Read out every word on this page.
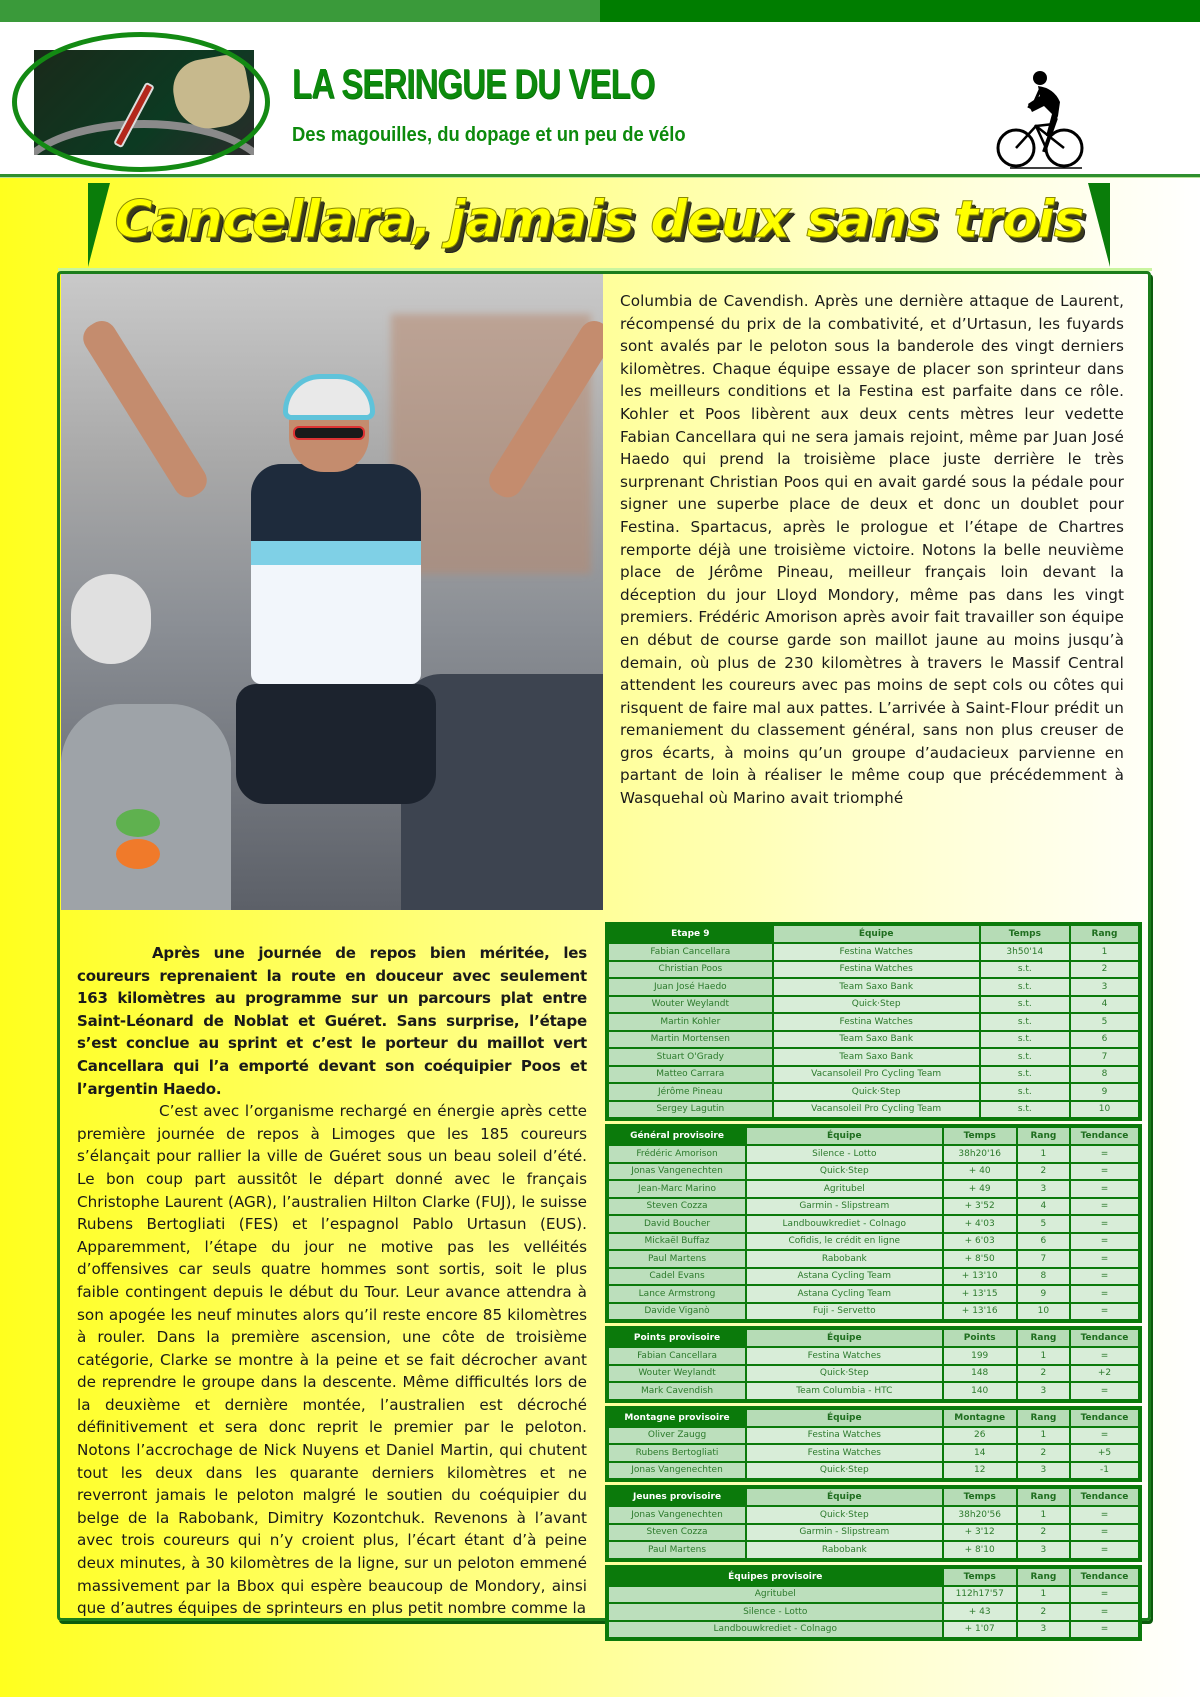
LA SERINGUE DU VELO
Des magouilles, du dopage et un peu de vélo
Cancellara, jamais deux sans trois
Columbia de Cavendish. Après une dernière attaque de Laurent, récompensé du prix de la combativité, et d’Urtasun, les fuyards sont avalés par le peloton sous la banderole des vingt derniers kilomètres. Chaque équipe essaye de placer son sprinteur dans les meilleurs conditions et la Festina est parfaite dans ce rôle. Kohler et Poos libèrent aux deux cents mètres leur vedette Fabian Cancellara qui ne sera jamais rejoint, même par Juan José Haedo qui prend la troisième place juste derrière le très surprenant Christian Poos qui en avait gardé sous la pédale pour signer une superbe place de deux et donc un doublet pour Festina. Spartacus, après le prologue et l’étape de Chartres remporte déjà une troisième victoire. Notons la belle neuvième place de Jérôme Pineau, meilleur français loin devant la déception du jour Lloyd Mondory, même pas dans les vingt premiers. Frédéric Amorison après avoir fait travailler son équipe en début de course garde son maillot jaune au moins jusqu’à demain, où plus de 230 kilomètres à travers le Massif Central attendent les coureurs avec pas moins de sept cols ou côtes qui risquent de faire mal aux pattes. L’arrivée à Saint-Flour prédit un remaniement du classement général, sans non plus creuser de gros écarts, à moins qu’un groupe d’audacieux parvienne en partant de loin à réaliser le même coup que précédemment à Wasquehal où Marino avait triomphé

Après une journée de repos bien méritée, les coureurs reprenaient la route en douceur avec seulement 163 kilomètres au programme sur un parcours plat entre Saint-Léonard de Noblat et Guéret. Sans surprise, l’étape s’est conclue au sprint et c’est le porteur du maillot vert Cancellara qui l’a emporté devant son coéquipier Poos et l’argentin Haedo.

C’est avec l’organisme rechargé en énergie après cette première journée de repos à Limoges que les 185 coureurs s’élançait pour rallier la ville de Guéret sous un beau soleil d’été. Le bon coup part aussitôt le départ donné avec le français Christophe Laurent (AGR), l’australien Hilton Clarke (FUJ), le suisse Rubens Bertogliati (FES) et l’espagnol Pablo Urtasun (EUS). Apparemment, l’étape du jour ne motive pas les velléités d’offensives car seuls quatre hommes sont sortis, soit le plus faible contingent depuis le début du Tour. Leur avance attendra à son apogée les neuf minutes alors qu’il reste encore 85 kilomètres à rouler. Dans la première ascension, une côte de troisième catégorie, Clarke se montre à la peine et se fait décrocher avant de reprendre le groupe dans la descente. Même difficultés lors de la deuxième et dernière montée, l’australien est décroché définitivement et sera donc reprit le premier par le peloton. Notons l’accrochage de Nick Nuyens et Daniel Martin, qui chutent tout les deux dans les quarante derniers kilomètres et ne reverront jamais le peloton malgré le soutien du coéquipier du belge de la Rabobank, Dimitry Kozontchuk. Revenons à l’avant avec trois coureurs qui n’y croient plus, l’écart étant d’à peine deux minutes, à 30 kilomètres de la ligne, sur un peloton emmené massivement par la Bbox qui espère beaucoup de Mondory, ainsi que d’autres équipes de sprinteurs en plus petit nombre comme la

Etape 9	Équipe	Temps	Rang
Fabian Cancellara	Festina Watches	3h50'14	1
Christian Poos	Festina Watches	s.t.	2
Juan José Haedo	Team Saxo Bank	s.t.	3
Wouter Weylandt	Quick·Step	s.t.	4
Martin Kohler	Festina Watches	s.t.	5
Martin Mortensen	Team Saxo Bank	s.t.	6
Stuart O'Grady	Team Saxo Bank	s.t.	7
Matteo Carrara	Vacansoleil Pro Cycling Team	s.t.	8
Jérôme Pineau	Quick·Step	s.t.	9
Sergey Lagutin	Vacansoleil Pro Cycling Team	s.t.	10
Général provisoire	Équipe	Temps	Rang	Tendance
Frédéric Amorison	Silence - Lotto	38h20'16	1	=
Jonas Vangenechten	Quick·Step	+ 40	2	=
Jean-Marc Marino	Agritubel	+ 49	3	=
Steven Cozza	Garmin - Slipstream	+ 3'52	4	=
David Boucher	Landbouwkrediet - Colnago	+ 4'03	5	=
Mickaël Buffaz	Cofidis, le crédit en ligne	+ 6'03	6	=
Paul Martens	Rabobank	+ 8'50	7	=
Cadel Evans	Astana Cycling Team	+ 13'10	8	=
Lance Armstrong	Astana Cycling Team	+ 13'15	9	=
Davide Viganò	Fuji - Servetto	+ 13'16	10	=
Points provisoire	Équipe	Points	Rang	Tendance
Fabian Cancellara	Festina Watches	199	1	=
Wouter Weylandt	Quick·Step	148	2	+2
Mark Cavendish	Team Columbia - HTC	140	3	=
Montagne provisoire	Équipe	Montagne	Rang	Tendance
Oliver Zaugg	Festina Watches	26	1	=
Rubens Bertogliati	Festina Watches	14	2	+5
Jonas Vangenechten	Quick·Step	12	3	-1
Jeunes provisoire	Équipe	Temps	Rang	Tendance
Jonas Vangenechten	Quick·Step	38h20'56	1	=
Steven Cozza	Garmin - Slipstream	+ 3'12	2	=
Paul Martens	Rabobank	+ 8'10	3	=
Équipes provisoire	Temps	Rang	Tendance
Agritubel	112h17'57	1	=
Silence - Lotto	+ 43	2	=
Landbouwkrediet - Colnago	+ 1'07	3	=
